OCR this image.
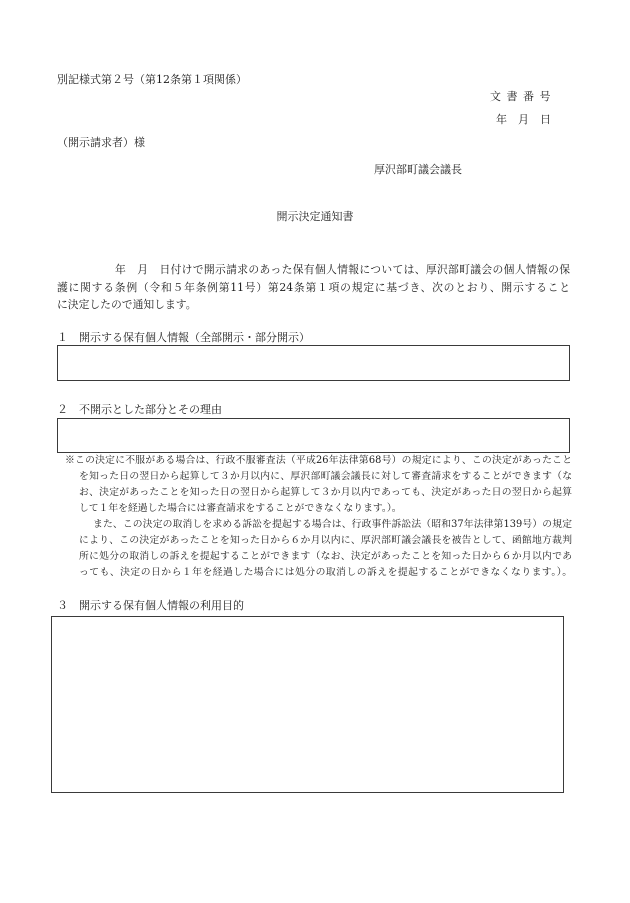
別記様式第２号（第12条第１項関係）
文 書 番 号
年　月　日
（開示請求者）様
厚沢部町議会議長
開示決定通知書
年　月　日付けで開示請求のあった保有個人情報については、厚沢部町議会の個人情報の保
護に関する条例（令和５年条例第11号）第24条第１項の規定に基づき、次のとおり、開示すること
に決定したので通知します。
１ 開示する保有個人情報（全部開示・部分開示）
２ 不開示とした部分とその理由
※この決定に不服がある場合は、行政不服審査法（平成26年法律第68号）の規定により、この決定があったこと
を知った日の翌日から起算して３か月以内に、厚沢部町議会議長に対して審査請求をすることができます（な
お、決定があったことを知った日の翌日から起算して３か月以内であっても、決定があった日の翌日から起算
して１年を経過した場合には審査請求をすることができなくなります。）。
また、この決定の取消しを求める訴訟を提起する場合は、行政事件訴訟法（昭和37年法律第139号）の規定
により、この決定があったことを知った日から６か月以内に、厚沢部町議会議長を被告として、函館地方裁判
所に処分の取消しの訴えを提起することができます（なお、決定があったことを知った日から６か月以内であ
っても、決定の日から１年を経過した場合には処分の取消しの訴えを提起することができなくなります。）。
３ 開示する保有個人情報の利用目的
